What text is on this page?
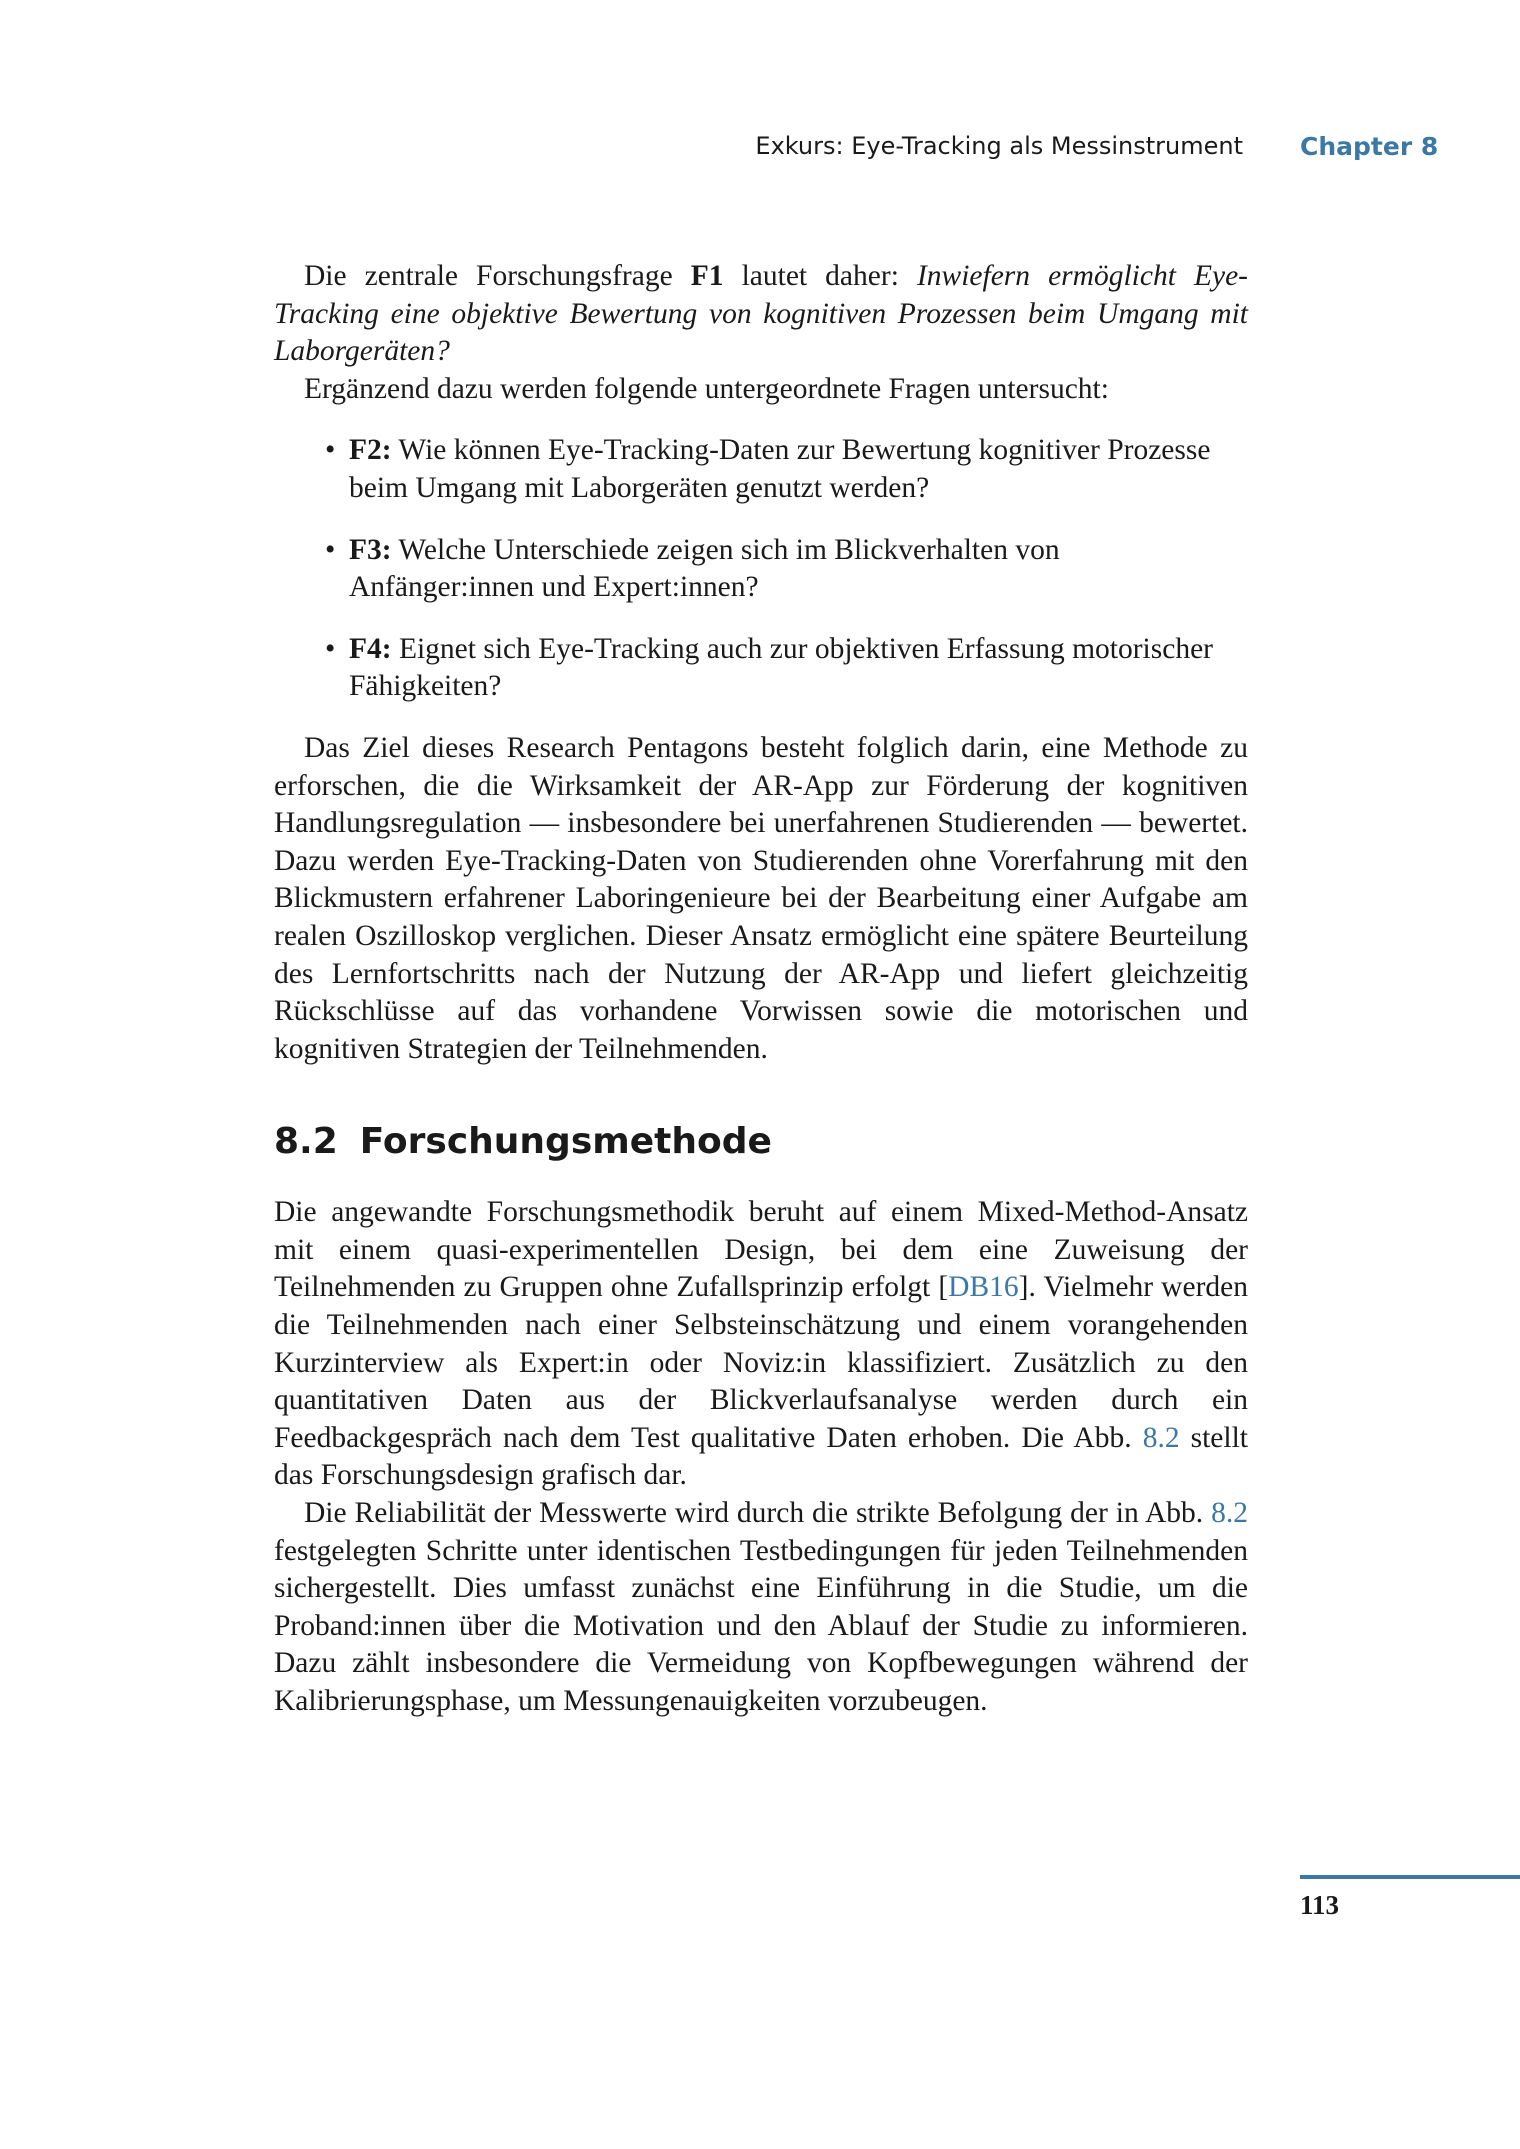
Exkurs: Eye-Tracking als Messinstrument Chapter 8

Die zentrale Forschungsfrage F1 lautet daher: Inwiefern ermöglicht Eye-Tracking eine objektive Bewertung von kognitiven Prozessen beim Umgang mit Laborgeräten?

Ergänzend dazu werden folgende untergeordnete Fragen untersucht:

• F2: Wie können Eye-Tracking-Daten zur Bewertung kognitiver Prozesse beim Umgang mit Laborgeräten genutzt werden?
• F3: Welche Unterschiede zeigen sich im Blickverhalten von Anfänger:innen und Expert:innen?
• F4: Eignet sich Eye-Tracking auch zur objektiven Erfassung motorischer Fähigkeiten?

Das Ziel dieses Research Pentagons besteht folglich darin, eine Methode zu erforschen, die die Wirksamkeit der AR-App zur Förderung der kognitiven Handlungsregulation — insbesondere bei unerfahrenen Studierenden — bewertet. Dazu werden Eye-Tracking-Daten von Studierenden ohne Vorerfahrung mit den Blickmustern erfahrener Laboringenieure bei der Bearbeitung einer Aufgabe am realen Oszilloskop verglichen. Dieser Ansatz ermöglicht eine spätere Beurteilung des Lernfortschritts nach der Nutzung der AR-App und liefert gleichzeitig Rückschlüsse auf das vorhandene Vorwissen sowie die motorischen und kognitiven Strategien der Teilnehmenden.

8.2 Forschungsmethode

Die angewandte Forschungsmethodik beruht auf einem Mixed-Method-Ansatz mit einem quasi-experimentellen Design, bei dem eine Zuweisung der Teilnehmenden zu Gruppen ohne Zufallsprinzip erfolgt [DB16]. Vielmehr werden die Teilnehmenden nach einer Selbsteinschätzung und einem vorangehenden Kurzinterview als Expert:in oder Noviz:in klassifiziert. Zusätzlich zu den quantitativen Daten aus der Blickverlaufsanalyse werden durch ein Feedbackgespräch nach dem Test qualitative Daten erhoben. Die Abb. 8.2 stellt das Forschungsdesign grafisch dar.

Die Reliabilität der Messwerte wird durch die strikte Befolgung der in Abb. 8.2 festgelegten Schritte unter identischen Testbedingungen für jeden Teilnehmenden sichergestellt. Dies umfasst zunächst eine Einführung in die Studie, um die Proband:innen über die Motivation und den Ablauf der Studie zu informieren. Dazu zählt insbesondere die Vermeidung von Kopfbewegungen während der Kalibrierungsphase, um Messungenauigkeiten vorzubeugen.

113
